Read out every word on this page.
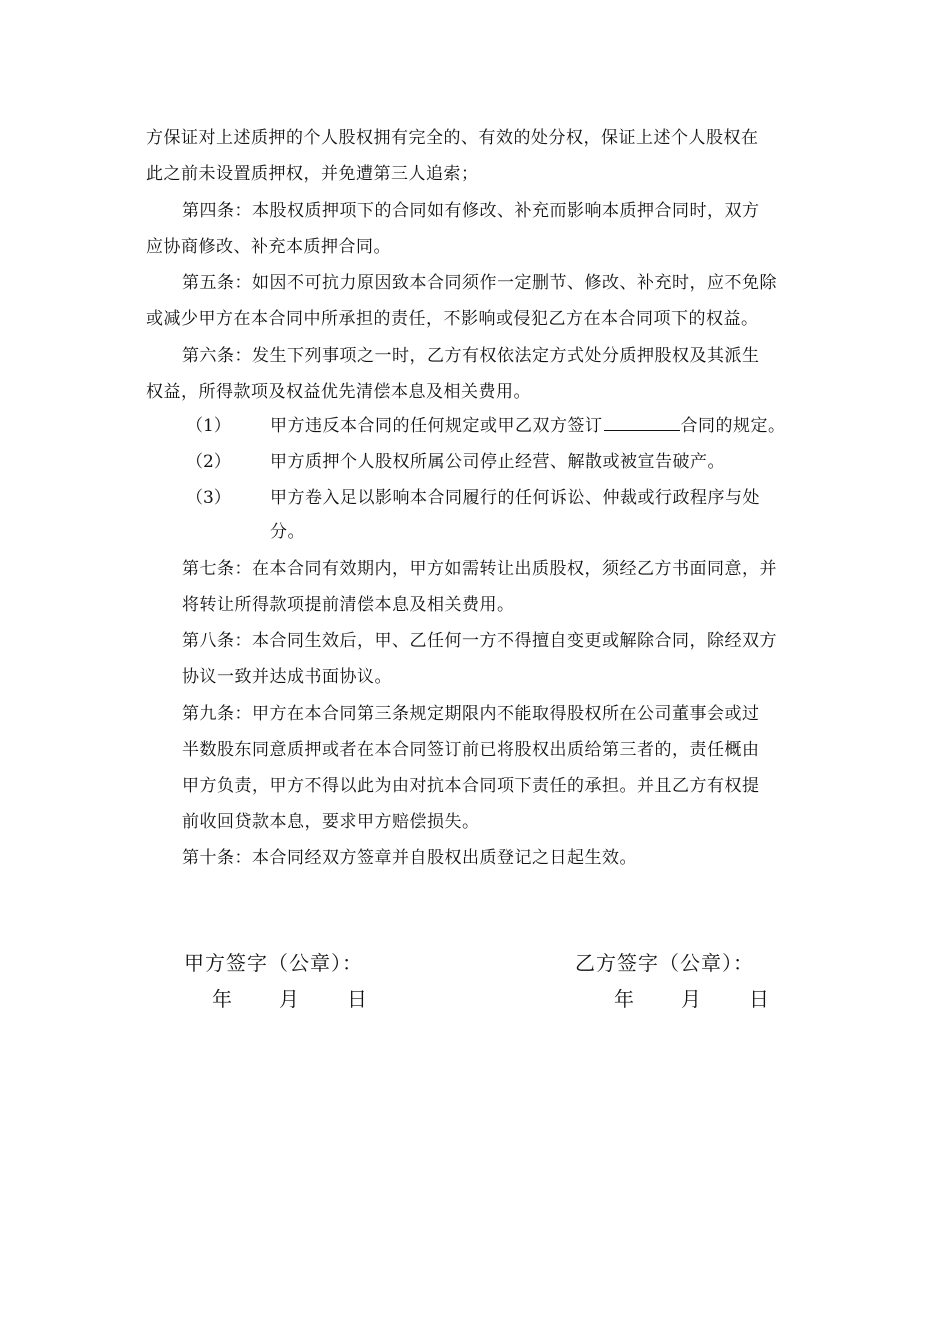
方保证对上述质押的个人股权拥有完全的、有效的处分权，保证上述个人股权在
此之前未设置质押权，并免遭第三人追索；
第四条：本股权质押项下的合同如有修改、补充而影响本质押合同时，双方
应协商修改、补充本质押合同。
第五条：如因不可抗力原因致本合同须作一定删节、修改、补充时，应不免除
或减少甲方在本合同中所承担的责任，不影响或侵犯乙方在本合同项下的权益。
第六条：发生下列事项之一时，乙方有权依法定方式处分质押股权及其派生
权益，所得款项及权益优先清偿本息及相关费用。
（1） 甲方违反本合同的任何规定或甲乙双方签订	合同的规定。
（2） 甲方质押个人股权所属公司停止经营、解散或被宣告破产。
（3） 甲方卷入足以影响本合同履行的任何诉讼、仲裁或行政程序与处
分。
第七条：在本合同有效期内，甲方如需转让出质股权，须经乙方书面同意，并
将转让所得款项提前清偿本息及相关费用。
第八条：本合同生效后，甲、乙任何一方不得擅自变更或解除合同，除经双方
协议一致并达成书面协议。
第九条：甲方在本合同第三条规定期限内不能取得股权所在公司董事会或过
半数股东同意质押或者在本合同签订前已将股权出质给第三者的，责任概由
甲方负责，甲方不得以此为由对抗本合同项下责任的承担。并且乙方有权提
前收回贷款本息，要求甲方赔偿损失。
第十条：本合同经双方签章并自股权出质登记之日起生效。
甲方签字（公章）：	乙方签字（公章）：
年 月 日	年 月 日
